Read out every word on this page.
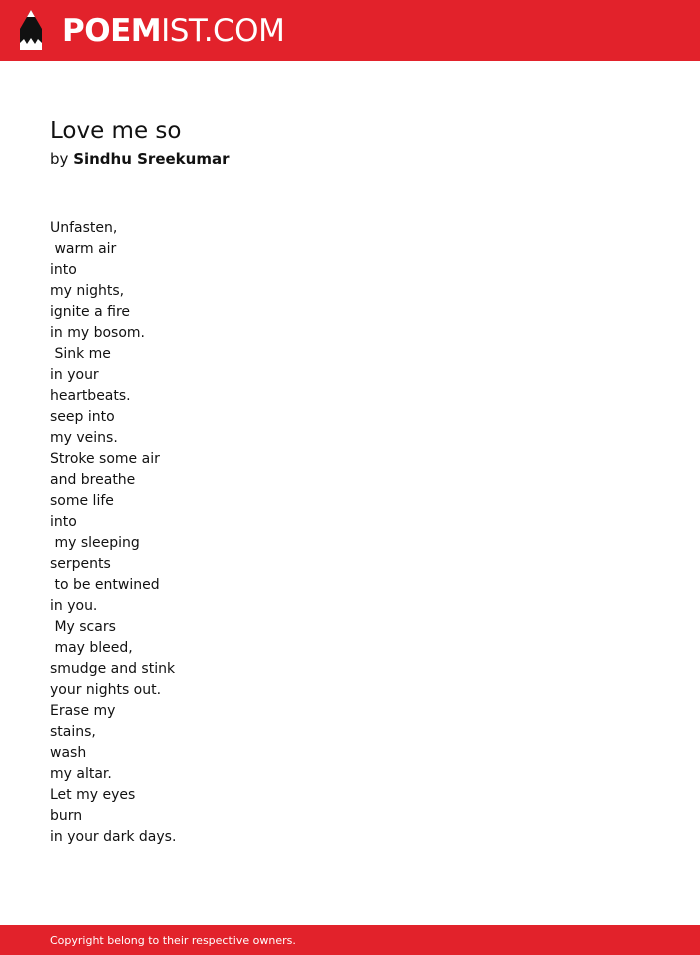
POEMIST.COM
Love me so
by Sindhu Sreekumar
Unfasten,
warm air
into
my nights,
ignite a fire
in my bosom.
Sink me
in your
heartbeats.
seep into
my veins.
Stroke some air
and breathe
some life
into
my sleeping
serpents
to be entwined
in you.
My scars
may bleed,
smudge and stink
your nights out.
Erase my
stains,
wash
my altar.
Let my eyes
burn
in your dark days.
Copyright belong to their respective owners.
